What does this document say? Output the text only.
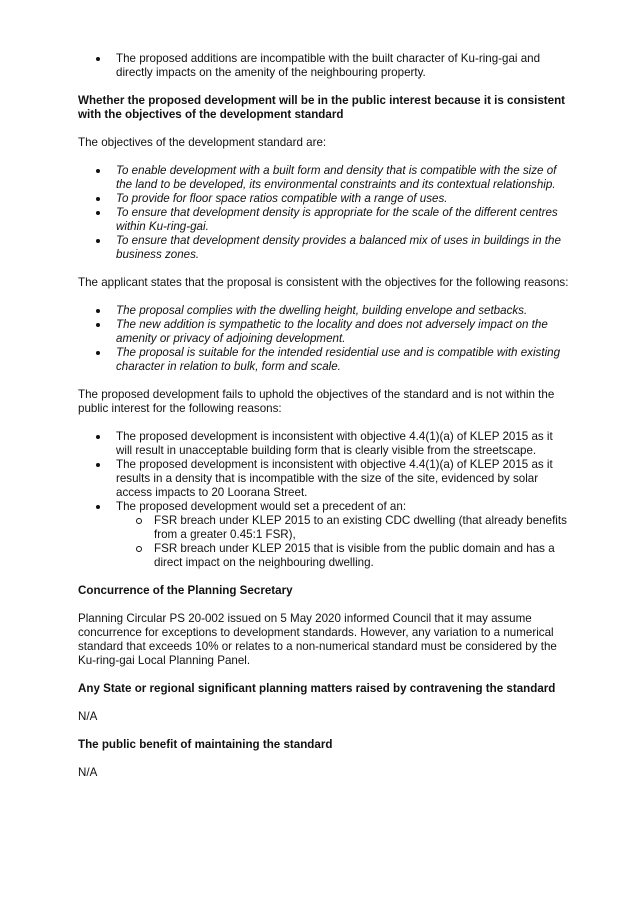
The proposed additions are incompatible with the built character of Ku-ring-gai and directly impacts on the amenity of the neighbouring property.
Whether the proposed development will be in the public interest because it is consistent with the objectives of the development standard

The objectives of the development standard are:

To enable development with a built form and density that is compatible with the size of the land to be developed, its environmental constraints and its contextual relationship.
To provide for floor space ratios compatible with a range of uses.
To ensure that development density is appropriate for the scale of the different centres within Ku-ring-gai.
To ensure that development density provides a balanced mix of uses in buildings in the business zones.

The applicant states that the proposal is consistent with the objectives for the following reasons:

The proposal complies with the dwelling height, building envelope and setbacks.
The new addition is sympathetic to the locality and does not adversely impact on the amenity or privacy of adjoining development.
The proposal is suitable for the intended residential use and is compatible with existing character in relation to bulk, form and scale.

The proposed development fails to uphold the objectives of the standard and is not within the public interest for the following reasons:

The proposed development is inconsistent with objective 4.4(1)(a) of KLEP 2015 as it will result in unacceptable building form that is clearly visible from the streetscape.
The proposed development is inconsistent with objective 4.4(1)(a) of KLEP 2015 as it results in a density that is incompatible with the size of the site, evidenced by solar access impacts to 20 Loorana Street.
The proposed development would set a precedent of an:
FSR breach under KLEP 2015 to an existing CDC dwelling (that already benefits from a greater 0.45:1 FSR),
FSR breach under KLEP 2015 that is visible from the public domain and has a direct impact on the neighbouring dwelling.
Concurrence of the Planning Secretary

Planning Circular PS 20-002 issued on 5 May 2020 informed Council that it may assume concurrence for exceptions to development standards. However, any variation to a numerical standard that exceeds 10% or relates to a non-numerical standard must be considered by the Ku-ring-gai Local Planning Panel.

Any State or regional significant planning matters raised by contravening the standard

N/A

The public benefit of maintaining the standard

N/A
